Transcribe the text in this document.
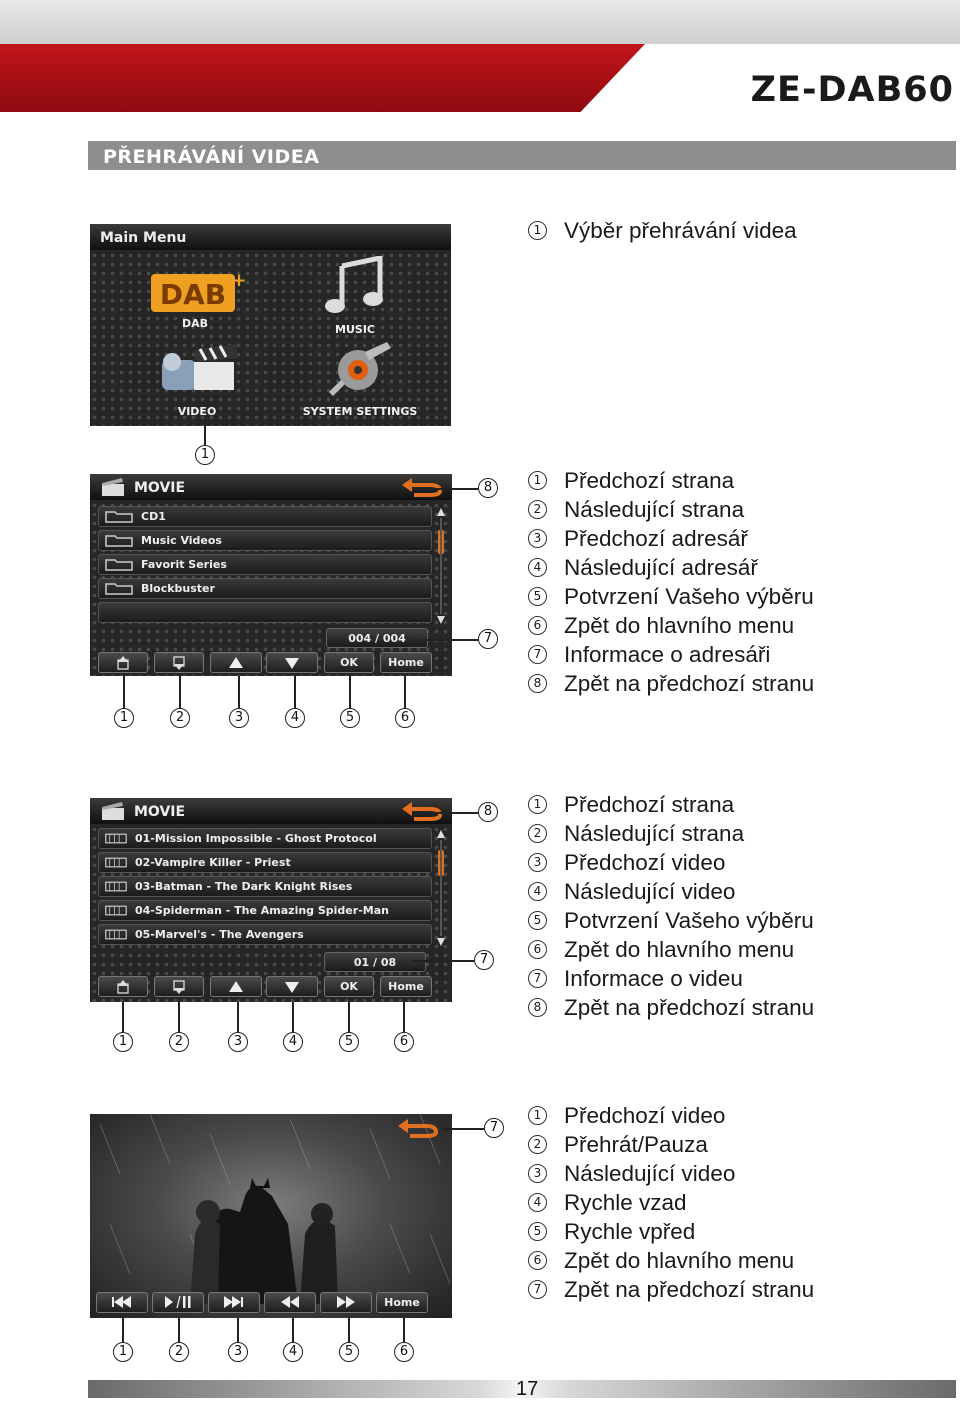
ZE-DAB60
PŘEHRÁVÁNÍ VIDEA
Main Menu
DAB +
DAB	MUSIC
VIDEO	SYSTEM SETTINGS
1
1 Výběr přehrávání videa
MOVIE
CD1
Music Videos
Favorit Series
Blockbuster
004 / 004
OK	Home
8
7
1	2	3	4	5	6
1 Předchozí strana
2 Následující strana
3 Předchozí adresář
4 Následující adresář
5 Potvrzení Vašeho výběru
6 Zpět do hlavního menu
7 Informace o adresáři
8 Zpět na předchozí stranu
MOVIE
01-Mission Impossible - Ghost Protocol
02-Vampire Killer - Priest
03-Batman - The Dark Knight Rises
04-Spiderman - The Amazing Spider-Man
05-Marvel's - The Avengers
01 / 08
OK	Home
8
7
1	2	3	4	5	6
1 Předchozí strana
2 Následující strana
3 Předchozí video
4 Následující video
5 Potvrzení Vašeho výběru
6 Zpět do hlavního menu
7 Informace o videu
8 Zpět na předchozí stranu
Home
7
1	2	3	4	5	6
1 Předchozí video
2 Přehrát/Pauza
3 Následující video
4 Rychle vzad
5 Rychle vpřed
6 Zpět do hlavního menu
7 Zpět na předchozí stranu
17
